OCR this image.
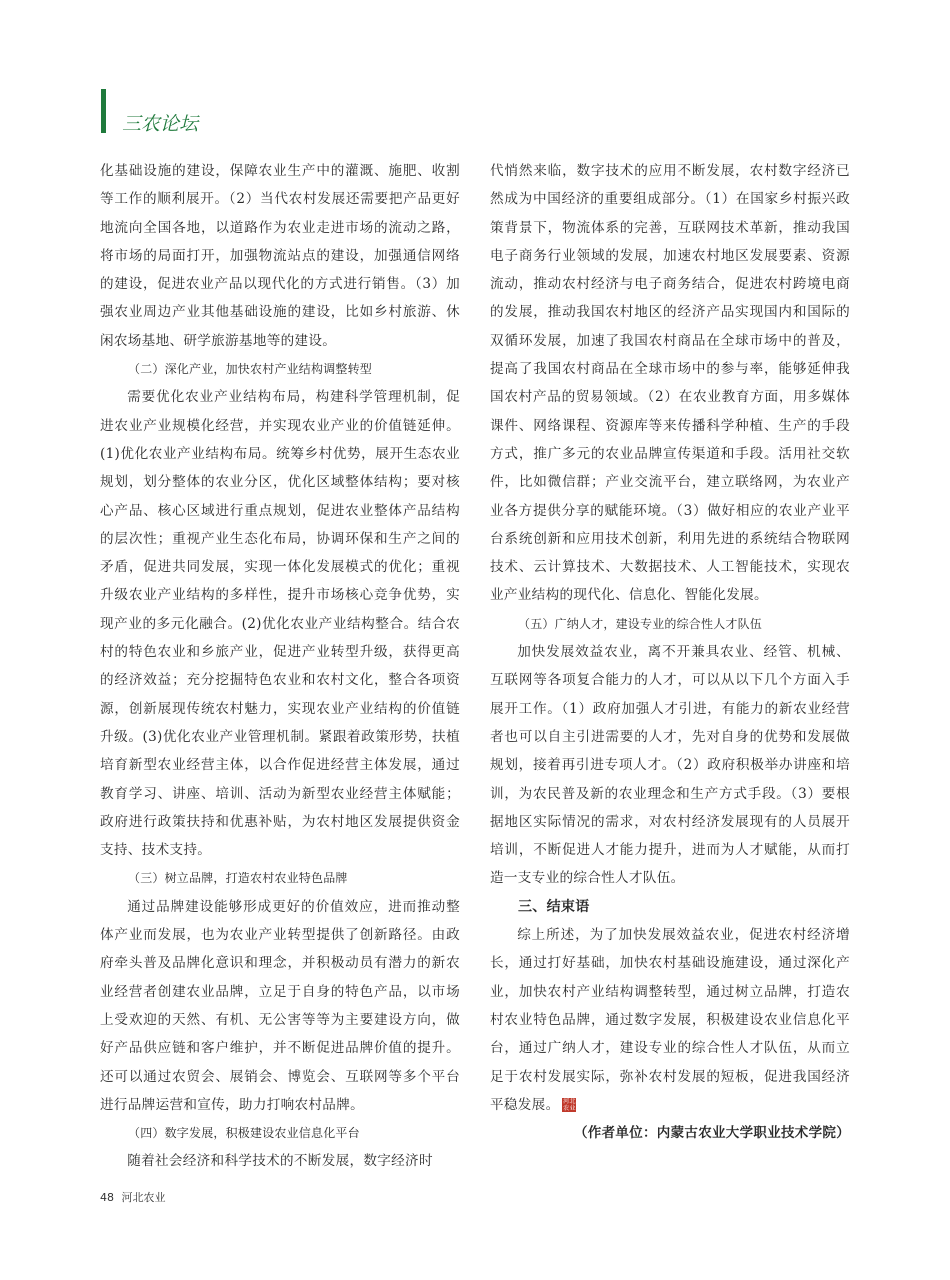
三农论坛

化基础设施的建设，保障农业生产中的灌溉、施肥、收割等工作的顺利展开。（2）当代农村发展还需要把产品更好地流向全国各地，以道路作为农业走进市场的流动之路，将市场的局面打开，加强物流站点的建设，加强通信网络的建设，促进农业产品以现代化的方式进行销售。（3）加强农业周边产业其他基础设施的建设，比如乡村旅游、休闲农场基地、研学旅游基地等的建设。

（二）深化产业，加快农村产业结构调整转型

需要优化农业产业结构布局，构建科学管理机制，促进农业产业规模化经营，并实现农业产业的价值链延伸。(1)优化农业产业结构布局。统筹乡村优势，展开生态农业规划，划分整体的农业分区，优化区域整体结构；要对核心产品、核心区域进行重点规划，促进农业整体产品结构的层次性；重视产业生态化布局，协调环保和生产之间的矛盾，促进共同发展，实现一体化发展模式的优化；重视升级农业产业结构的多样性，提升市场核心竞争优势，实现产业的多元化融合。(2)优化农业产业结构整合。结合农村的特色农业和乡旅产业，促进产业转型升级，获得更高的经济效益；充分挖掘特色农业和农村文化，整合各项资源，创新展现传统农村魅力，实现农业产业结构的价值链升级。(3)优化农业产业管理机制。紧跟着政策形势，扶植培育新型农业经营主体，以合作促进经营主体发展，通过教育学习、讲座、培训、活动为新型农业经营主体赋能；政府进行政策扶持和优惠补贴，为农村地区发展提供资金支持、技术支持。

（三）树立品牌，打造农村农业特色品牌

通过品牌建设能够形成更好的价值效应，进而推动整体产业而发展，也为农业产业转型提供了创新路径。由政府牵头普及品牌化意识和理念，并积极动员有潜力的新农业经营者创建农业品牌，立足于自身的特色产品，以市场上受欢迎的天然、有机、无公害等等为主要建设方向，做好产品供应链和客户维护，并不断促进品牌价值的提升。还可以通过农贸会、展销会、博览会、互联网等多个平台进行品牌运营和宣传，助力打响农村品牌。

（四）数字发展，积极建设农业信息化平台

随着社会经济和科学技术的不断发展，数字经济时

代悄然来临，数字技术的应用不断发展，农村数字经济已然成为中国经济的重要组成部分。（1）在国家乡村振兴政策背景下，物流体系的完善，互联网技术革新，推动我国电子商务行业领域的发展，加速农村地区发展要素、资源流动，推动农村经济与电子商务结合，促进农村跨境电商的发展，推动我国农村地区的经济产品实现国内和国际的双循环发展，加速了我国农村商品在全球市场中的普及，提高了我国农村商品在全球市场中的参与率，能够延伸我国农村产品的贸易领域。（2）在农业教育方面，用多媒体课件、网络课程、资源库等来传播科学种植、生产的手段方式，推广多元的农业品牌宣传渠道和手段。活用社交软件，比如微信群；产业交流平台，建立联络网，为农业产业各方提供分享的赋能环境。（3）做好相应的农业产业平台系统创新和应用技术创新，利用先进的系统结合物联网技术、云计算技术、大数据技术、人工智能技术，实现农业产业结构的现代化、信息化、智能化发展。

（五）广纳人才，建设专业的综合性人才队伍

加快发展效益农业，离不开兼具农业、经管、机械、互联网等各项复合能力的人才，可以从以下几个方面入手展开工作。（1）政府加强人才引进，有能力的新农业经营者也可以自主引进需要的人才，先对自身的优势和发展做规划，接着再引进专项人才。（2）政府积极举办讲座和培训，为农民普及新的农业理念和生产方式手段。（3）要根据地区实际情况的需求，对农村经济发展现有的人员展开培训，不断促进人才能力提升，进而为人才赋能，从而打造一支专业的综合性人才队伍。

三、结束语

综上所述，为了加快发展效益农业，促进农村经济增长，通过打好基础，加快农村基础设施建设，通过深化产业，加快农村产业结构调整转型，通过树立品牌，打造农村农业特色品牌，通过数字发展，积极建设农业信息化平台，通过广纳人才，建设专业的综合性人才队伍，从而立足于农村发展实际，弥补农村发展的短板，促进我国经济平稳发展。 河北农业

（作者单位：内蒙古农业大学职业技术学院）

48 河北农业
